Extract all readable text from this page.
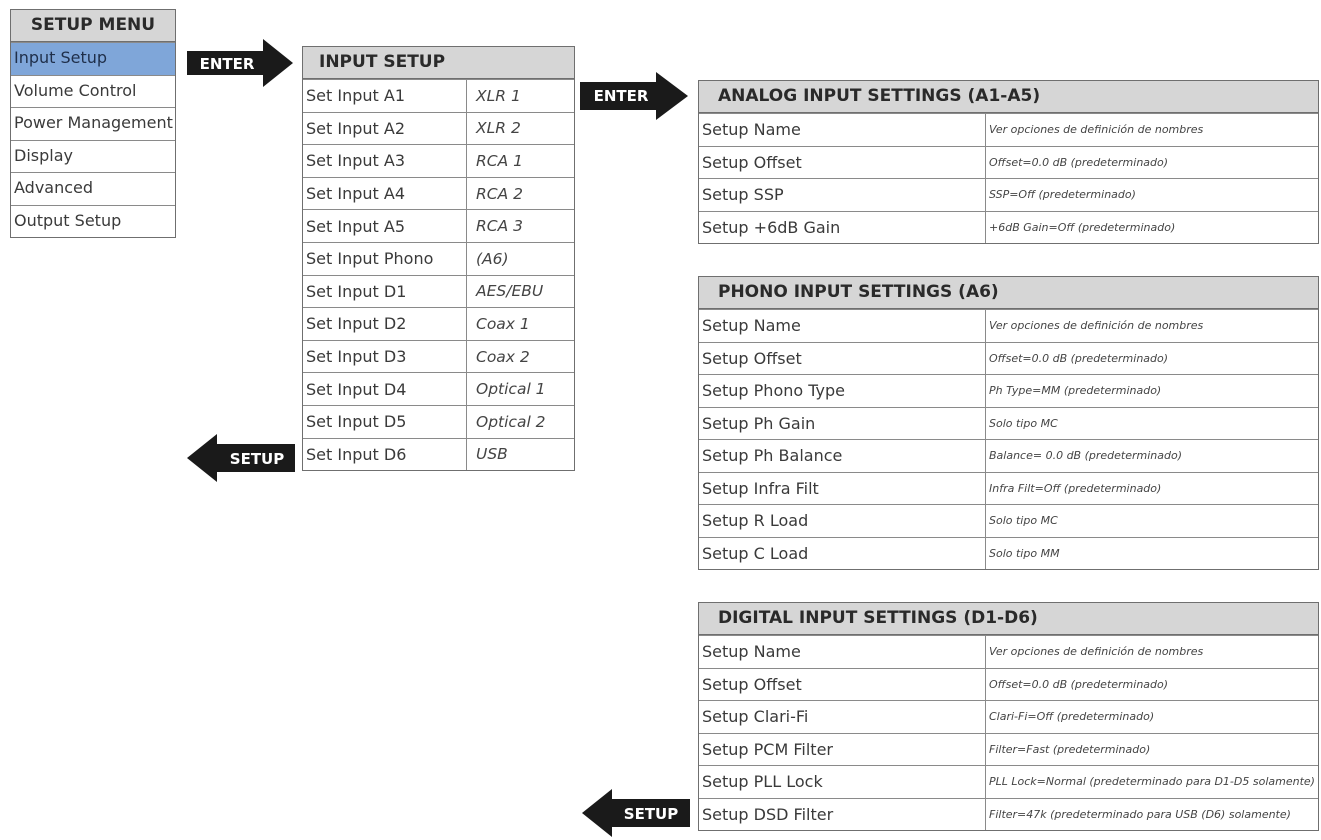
SETUP MENU
Input Setup
Volume Control
Power Management
Display
Advanced
Output Setup
ENTER
SETUP
INPUT SETUP
Set Input A1	XLR 1
Set Input A2	XLR 2
Set Input A3	RCA 1
Set Input A4	RCA 2
Set Input A5	RCA 3
Set Input Phono	(A6)
Set Input D1	AES/EBU
Set Input D2	Coax 1
Set Input D3	Coax 2
Set Input D4	Optical 1
Set Input D5	Optical 2
Set Input D6	USB
ENTER
SETUP
ANALOG INPUT SETTINGS (A1-A5)
Setup Name	Ver opciones de definición de nombres
Setup Offset	Offset=0.0 dB (predeterminado)
Setup SSP	SSP=Off (predeterminado)
Setup +6dB Gain	+6dB Gain=Off (predeterminado)
PHONO INPUT SETTINGS (A6)
Setup Name	Ver opciones de definición de nombres
Setup Offset	Offset=0.0 dB (predeterminado)
Setup Phono Type	Ph Type=MM (predeterminado)
Setup Ph Gain	Solo tipo MC
Setup Ph Balance	Balance= 0.0 dB (predeterminado)
Setup Infra Filt	Infra Filt=Off (predeterminado)
Setup R Load	Solo tipo MC
Setup C Load	Solo tipo MM
DIGITAL INPUT SETTINGS (D1-D6)
Setup Name	Ver opciones de definición de nombres
Setup Offset	Offset=0.0 dB (predeterminado)
Setup Clari-Fi	Clari-Fi=Off (predeterminado)
Setup PCM Filter	Filter=Fast (predeterminado)
Setup PLL Lock	PLL Lock=Normal (predeterminado para D1-D5 solamente)
Setup DSD Filter	Filter=47k (predeterminado para USB (D6) solamente)
